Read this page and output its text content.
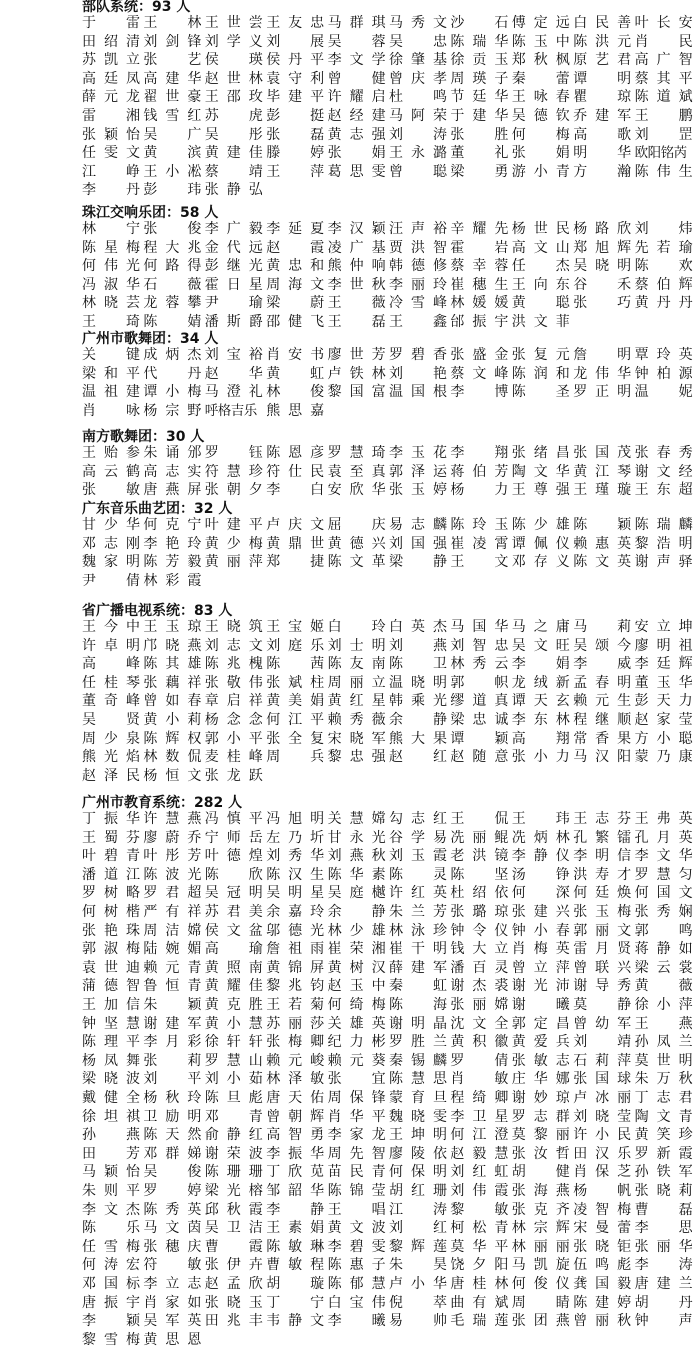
部队系统：93 人
于　雷 王　林 王世尝 王友忠 马群琪 马秀文 沙　石 傅定远 白民善 叶长安
田绍清 刘剑锋 刘学义 刘　展 吴　蓉 吴　忠 陈瑞华 陈玉中 陈洪元 肖　民
苏凯立 张　艺 侯　瑛 侯丹平 李文学 徐肇基 徐贡玉 郑秋枫 原艺君 高广智
高廷凤 高建华 赵世林 袁守利 曾　健 曾庆孝 周瑛子 秦　蕾 谭　明 蔡其平
薛元龙 翟世豪 王邵玫 毕建平 许耀启 杜　鸣 节廷华 王咏春 瞿　琼 陈道斌
雷　湘 钱雪红 苏　虎 彭　挺 赵经建 马阿荣 于建华 吴德钦 乔建军 王　鹏
张颖怡 吴　广 吴　彤 张　磊 黄志强 刘　涛 张　胜 何　梅 高　歌 刘　罡
任雯文 黄　滨 黄建佳 滕　婷 张　娟 王永潞 董　礼 张　娟 明　华 欧阳铭芮
江　峥 王小凇 蔡　靖 王　萍 葛思雯 曾　聪 梁　勇 游小青 方　瀚 陈伟生
李　丹 彭　玮 张静弘
珠江交响乐团：58 人
林　宁 张　俊 李广毅 李延夏 李汉颖 汪声裕 辛耀先 杨世民 杨路欣 刘　炜
陈星梅 程大兆 金代远 赵　霞 凌广基 贾洪智 霍　岩 高文山 郑旭辉 先若瑜
何伟光 何路得 彭继光 黄忠和 熊仲响 韩德修 蔡幸蓉 任　杰 吴晓明 陈　欢
冯淑华 石　薇 霍日星 周海文 李世秋 李丽玲 崔穗生 王向东 谷　禾 蔡伯辉
林晓芸 龙蓉攀 尹　瑜 梁　蔚 王　薇 冷雪峰 林媛媛 黄　聪 张　巧 黄丹丹
王　琦 陈　婧 潘斯爵 邵健飞 王　磊 王　鑫 邰振宇 洪文菲
广州市歌舞团：34 人
关　键 成炳杰 刘宝裕 肖安书 廖世芳 罗碧香 张盛金 张复元 詹　明 覃玲英
梁和平 代　丹 赵　华 黄　虹 卢铁林 刘　艳 蔡文峰 陈润和 龙伟华 钟柏源
温祖建 谭小梅 马澄礼 林　俊 黎国富 温国根 李　博 陈　圣 罗正明 温　妮
肖　咏 杨宗野 呼格吉乐 熊思嘉
南方歌舞团：30 人
王贻参 朱诵邠 罗　钰 陈恩彦 罗慧琦 李玉花 李　翔 张绪昌 张国茂 张春秀
高云鹤 高志实 符慧珍 符仕民 袁至真 郭泽运 蒋伯芳 陶文华 黄江琴 谢文经
张　敏 唐燕屏 张朝夕 李　白 安欣华 张玉婷 杨　力 王尊强 王瑾璇 王东超
广东音乐曲艺团：32 人
甘少华 何克宁 叶建平 卢庆文 屈　庆 易志麟 陈玲玉 陈少雄 陈　颖 陈瑞麟
邓志刚 李艳玲 黄少梅 黄鼎世 黄德兴 刘国强 崔凌霄 谭佩仪 赖惠英 黎浩明
魏家明 陈芳毅 黄丽萍 郑　捷 陈文革 梁　静 王　文 邓存义 陈文英 谢声驿
尹　倩 林彩霞
省广播电视系统：83 人
王今中 王玉琼 王晓筑 王宝姬 白　玲 白英杰 马国华 马之庸 马　莉 安立坤
许卓明 邝晓燕 刘志文 刘庭乐 刘士明 刘　燕 刘智忠 吴文旺 吴颂今 廖明祖
高　峰 陈其雄 陈兆槐 陈　茜 陈友南 陈　卫 林秀云 李　娟 李　威 李廷辉
任桂琴 张藕祥 张敬伟 张斌柱 周丽立 温晓明 郭　帜 龙绒新 孟春明 董玉华
董奇峰 曾如春 章启祥 黄美娟 黄红星 韩乘光 缪道真 谭天玄 赖元生 彭天力
吴　贤 黄小莉 杨念念 何江平 赖秀薇 余　静 梁忠诚 李东林 程继顺 赵家莹
周少泉 陈辉权 郭小平 张全复 宋晓军 熊大果 谭　颖 高　翔 常香果 方小聪
熊光焰 林数侃 麦桂峰 周　兵 黎忠强 赵　红 赵随意 张小力 马汉阳 蒙乃康
赵泽民 杨恒文 张龙跃
广州市教育系统：282 人
丁振华 许慧燕 冯慎平 冯旭明 关慧嫦 勾志红 王　侃 王　玮 王志芬 王弗英
王蜀芬 廖蔚乔 宁师岳 左乃圻 甘永光 谷学易 冼丽鲲 冼炳林 孔繁镭 孔月英
叶碧青 叶彤芳 叶德煌 刘秀华 刘燕秋 刘玉霞 老洪镜 李静仪 李明信 李文华
潘道江 陈波光 陈　欣 陈汉生 陈华素 陈　灵 陈　坚 汤　铮 洪寿才 罗慧匀
罗树略 罗君超 吴冠明 吴明星 吴庭樾 许红英 杜绍依 何　深 何廷焕 何国文
何树楷 严有祥 苏君美 余嘉玲 余　静 朱兰芳 张璐琼 张建兴 张玉梅 张秀娴
张艳珠 周洁嫦 侯文盆 邬德光 林少雄 林泳珍 钟令仪 钟小春 郭丽文 郭　鸣
郭淑梅 陆婉媚 高　瑜 詹祖雨 崔荣湘 崔干明 钱大立 肖梅英 雷月贤 蒋静如
袁世迪 赖元青 黄照南 黄锦屏 黄树汉 薛建军 潘百灵 曾立萍 曾联兴 梁云裳
蒲德智 鲁恒青 黄耀佳 黎兆钧 赵玉中 秦　虹 谢杰裘 谢光沛 谢导秀 黄　薇
王加信 朱　颖 黄克胜 王若菊 何绮梅 陈　海 张丽嫦 谢　曦 莫　静 徐小萍
钟坚慧 谢建军 黄小慧 苏丽莎 关雄英 谢明晶 沈文全 郭定昌 曾幼军 王　燕
陈理平 李月彩 徐轩轩 张梅卿 纪力彬 罗胜兰 黄积徽 黄爱兵 刘　靖 孙凤兰
杨凤舞 张　莉 罗慧山 赖元峻 赖元葵 秦锡麟 罗　倩 张敏志 石莉萍 莫世明
梁晓波 刘　平 刘小茹 林泽敏 张　宜 陈慧思 肖　敏 庄华娜 张国球 朱万秋
戴健全 杨秋玲 陈旦彪 唐天佑 周保锋 蒙育旦 程绮卿 谢妙琼 卢冰丽 丁志君
徐坦祺 卫励明 邓　青 曾朝辉 肖华平 魏晓雯 李卫星 罗志群 刘晓莹 陶文青
孙　燕 陈天然 俞静红 高智勇 李家龙 王坤明 何江澄 莫黎丽 许小民 黄笑珍
田　芳 邓群娣 谢荣波 李振华 周先智 廖陵依 赵毅慧 张汝哲 田汉乐 罗新霞
马颖怡 吴　俊 陈珊珊 丁欣苋 苗民青 何保明 刘红虹 胡　健 肖保芝 孙铁军
朱则平 罗　婷 梁光榕 邹韶华 陈锦莹 胡红珊 刘伟霞 张海燕 杨　帆 张晓莉
李文杰 陈秀英 邱秋霞 李　静 王　唱 江　涛 黎　敏 张克齐 凌智梅 曹　磊
陈　乐 马文茵 吴卫洁 王素娟 黄文波 刘　红 柯松青 林宗辉 宋曼蕾 李　思
任雪梅 张穗庆 曹　霞 陈敏琳 李碧雯 黎辉莲 莫华平 林丽丽 张晓钜 张丽华
何涛宏 符　敏 张伊卉 曹敏程 陈惠子 朱　昊 饶夕阳 马凯旋 伍鸣彪 李　涛
邓国标 李立志 赵孟欣 胡　璇 陈郁慧 卢小华 唐桂林 何俊仪 龚国毅 唐建兰
唐振宇 肖家如 张晓玉 丁　宁 白宝伟 倪　萃 曲有斌 周　睛 陈建婷 胡　丹
李　颖 吴军英 田兆丰 韦静文 李　曦 易　帅 毛瑞莲 张团燕 曾丽秋 钟　声
黎雪梅 黄思恩
